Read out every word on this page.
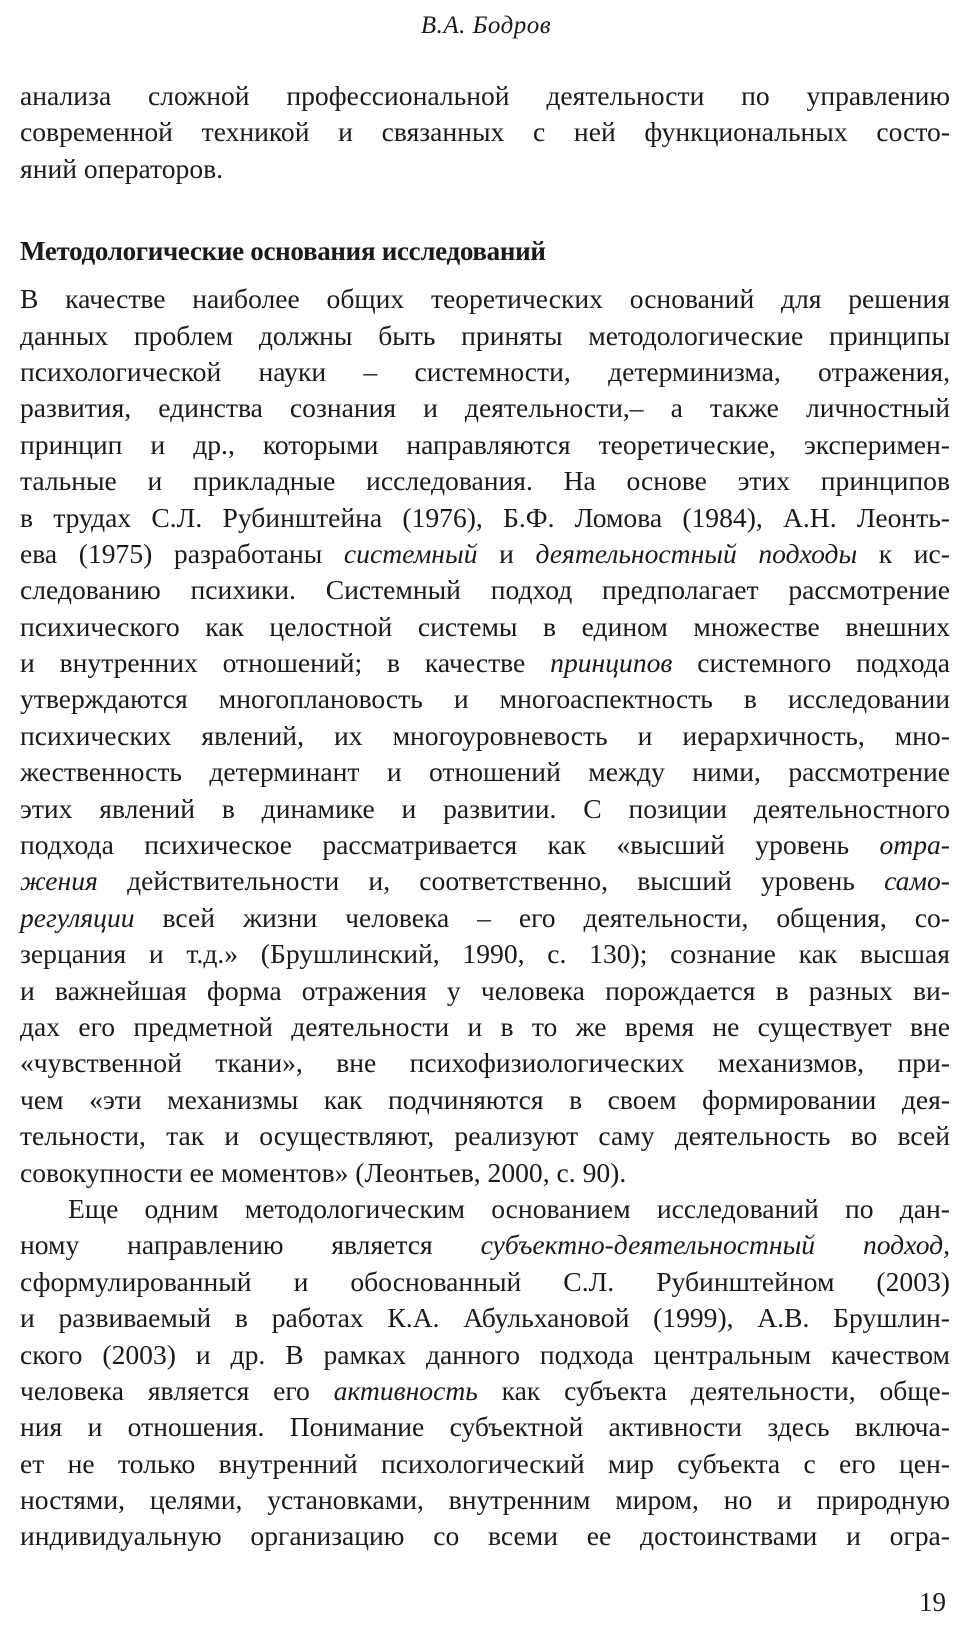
В.А. Бодров
анализа сложной профессиональной деятельности по управлению
современной техникой и связанных с ней функциональных состо-
яний операторов.
Методологические основания исследований
В качестве наиболее общих теоретических оснований для решения
данных проблем должны быть приняты методологические принципы
психологической науки – системности, детерминизма, отражения,
развития, единства сознания и деятельности,– а также личностный
принцип и др., которыми направляются теоретические, эксперимен-
тальные и прикладные исследования. На основе этих принципов
в трудах С.Л. Рубинштейна (1976), Б.Ф. Ломова (1984), А.Н. Леонть-
ева (1975) разработаны системный и деятельностный подходы к ис-
следованию психики. Системный подход предполагает рассмотрение
психического как целостной системы в едином множестве внешних
и внутренних отношений; в качестве принципов системного подхода
утверждаются многоплановость и многоаспектность в исследовании
психических явлений, их многоуровневость и иерархичность, мно-
жественность детерминант и отношений между ними, рассмотрение
этих явлений в динамике и развитии. С позиции деятельностного
подхода психическое рассматривается как «высший уровень отра-
жения действительности и, соответственно, высший уровень само-
регуляции всей жизни человека – его деятельности, общения, со-
зерцания и т.д.» (Брушлинский, 1990, с. 130); сознание как высшая
и важнейшая форма отражения у человека порождается в разных ви-
дах его предметной деятельности и в то же время не существует вне
«чувственной ткани», вне психофизиологических механизмов, при-
чем «эти механизмы как подчиняются в своем формировании дея-
тельности, так и осуществляют, реализуют саму деятельность во всей
совокупности ее моментов» (Леонтьев, 2000, с. 90).
Еще одним методологическим основанием исследований по дан-
ному направлению является субъектно-деятельностный подход,
сформулированный и обоснованный С.Л. Рубинштейном (2003)
и развиваемый в работах К.А. Абульхановой (1999), А.В. Брушлин-
ского (2003) и др. В рамках данного подхода центральным качеством
человека является его активность как субъекта деятельности, обще-
ния и отношения. Понимание субъектной активности здесь включа-
ет не только внутренний психологический мир субъекта с его цен-
ностями, целями, установками, внутренним миром, но и природную
индивидуальную организацию со всеми ее достоинствами и огра-
19
